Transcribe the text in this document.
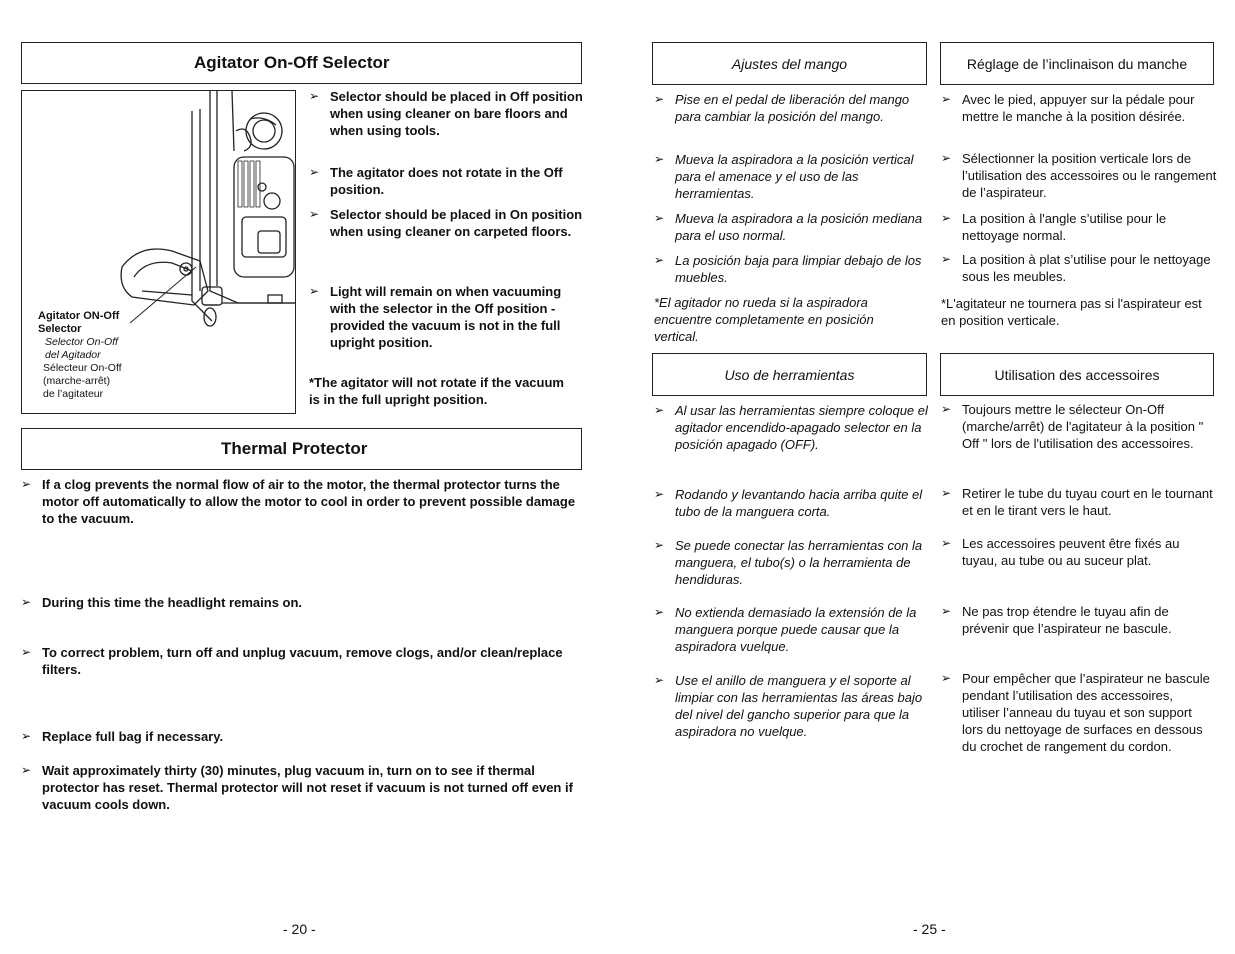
Agitator On-Off Selector
Agitator ON-Off
Selector
Selector On-Off
del Agitador
Sélecteur On-Off
(marche-arrêt)
de l’agitateur
➢ Selector should be placed in Off position when using cleaner on bare floors and when using tools.
➢ The agitator does not rotate in the Off position.
➢ Selector should be placed in On position when using cleaner on carpeted floors.
➢ Light will remain on when vacuuming with the selector in the Off position - provided the vacuum is not in the full upright position.
*The agitator will not rotate if the vacuum is in the full upright position.
Thermal Protector
➢ If a clog prevents the normal flow of air to the motor, the thermal protector turns the motor off automatically to allow the motor to cool in order to prevent possible damage to the vacuum.
➢ During this time the headlight remains on.
➢ To correct problem, turn off and unplug vacuum, remove clogs, and/or clean/replace filters.
➢ Replace full bag if necessary.
➢ Wait approximately thirty (30) minutes, plug vacuum in, turn on to see if thermal protector has reset. Thermal protector will not reset if vacuum is not turned off even if vacuum cools down.
- 20 -
Ajustes del mango
➢ Pise en el pedal de liberación del mango para cambiar la posición del mango.
➢ Mueva la aspiradora a la posición vertical para el amenace y el uso de las herramientas.
➢ Mueva la aspiradora a la posición mediana para el uso normal.
➢ La posición baja para limpiar debajo de los muebles.
*El agitador no rueda si la aspiradora encuentre completamente en posición vertical.
Réglage de l’inclinaison du manche
➢ Avec le pied, appuyer sur la pédale pour mettre le manche à la position désirée.
➢ Sélectionner la position verticale lors de l’utilisation des accessoires ou le rangement de l’aspirateur.
➢ La position à l'angle s’utilise pour le nettoyage normal.
➢ La position à plat s’utilise pour le nettoyage sous les meubles.
*L'agitateur ne tournera pas si l'aspirateur est en position verticale.
Uso de herramientas
➢ Al usar las herramientas siempre coloque el agitador encendido-apagado selector en la posición apagado (OFF).
➢ Rodando y levantando hacia arriba quite el tubo de la manguera corta.
➢ Se puede conectar las herramientas con la manguera, el tubo(s) o la herramienta de hendiduras.
➢ No extienda demasiado la extensión de la manguera porque puede causar que la aspiradora vuelque.
➢ Use el anillo de manguera y el soporte al limpiar con las herramientas las áreas bajo del nivel del gancho superior para que la aspiradora no vuelque.
Utilisation des accessoires
➢ Toujours mettre le sélecteur On-Off (marche/arrêt) de l'agitateur à la position " Off " lors de l'utilisation des accessoires.
➢ Retirer le tube du tuyau court en le tournant et en le tirant vers le haut.
➢ Les accessoires peuvent être fixés au tuyau, au tube ou au suceur plat.
➢ Ne pas trop étendre le tuyau afin de prévenir que l’aspirateur ne bascule.
➢ Pour empêcher que l’aspirateur ne bascule pendant l’utilisation des accessoires, utiliser l’anneau du tuyau et son support lors du nettoyage de surfaces en dessous du crochet de rangement du cordon.
- 25 -
